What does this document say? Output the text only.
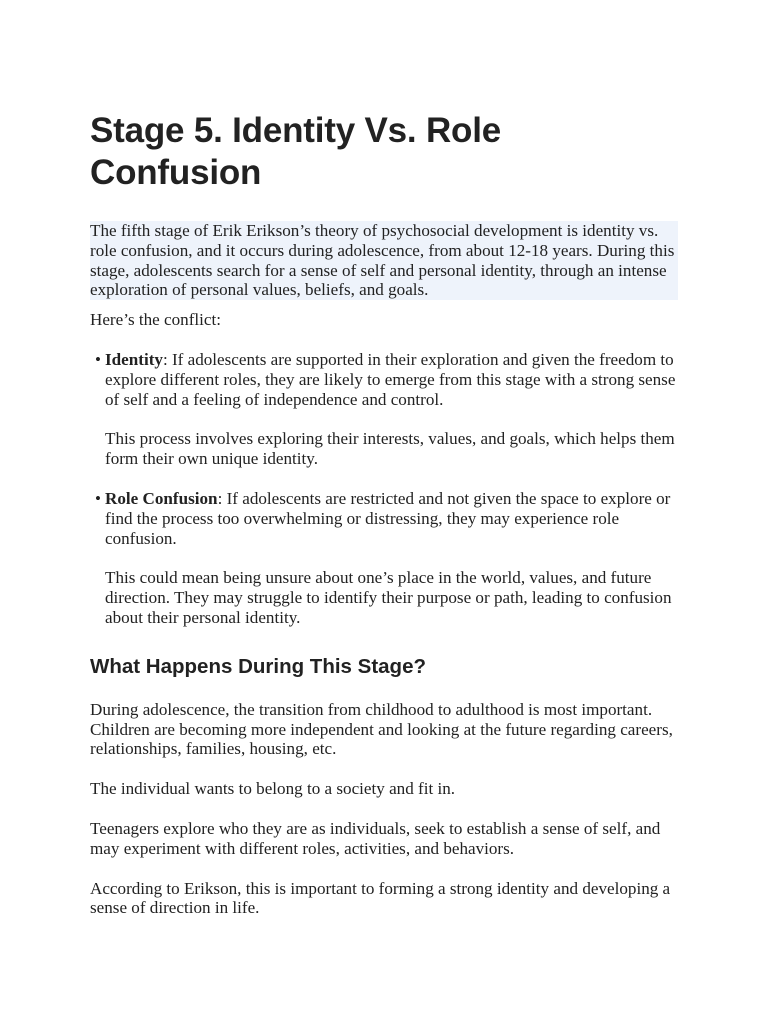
Stage 5. Identity Vs. Role Confusion

The fifth stage of Erik Erikson’s theory of psychosocial development is identity vs. role confusion, and it occurs during adolescence, from about 12-18 years. During this stage, adolescents search for a sense of self and personal identity, through an intense exploration of personal values, beliefs, and goals.

Here’s the conflict:

• Identity: If adolescents are supported in their exploration and given the freedom to explore different roles, they are likely to emerge from this stage with a strong sense of self and a feeling of independence and control.

This process involves exploring their interests, values, and goals, which helps them form their own unique identity.

• Role Confusion: If adolescents are restricted and not given the space to explore or find the process too overwhelming or distressing, they may experience role confusion.

This could mean being unsure about one’s place in the world, values, and future direction. They may struggle to identify their purpose or path, leading to confusion about their personal identity.

What Happens During This Stage?

During adolescence, the transition from childhood to adulthood is most important. Children are becoming more independent and looking at the future regarding careers, relationships, families, housing, etc.

The individual wants to belong to a society and fit in.

Teenagers explore who they are as individuals, seek to establish a sense of self, and may experiment with different roles, activities, and behaviors.

According to Erikson, this is important to forming a strong identity and developing a sense of direction in life.
